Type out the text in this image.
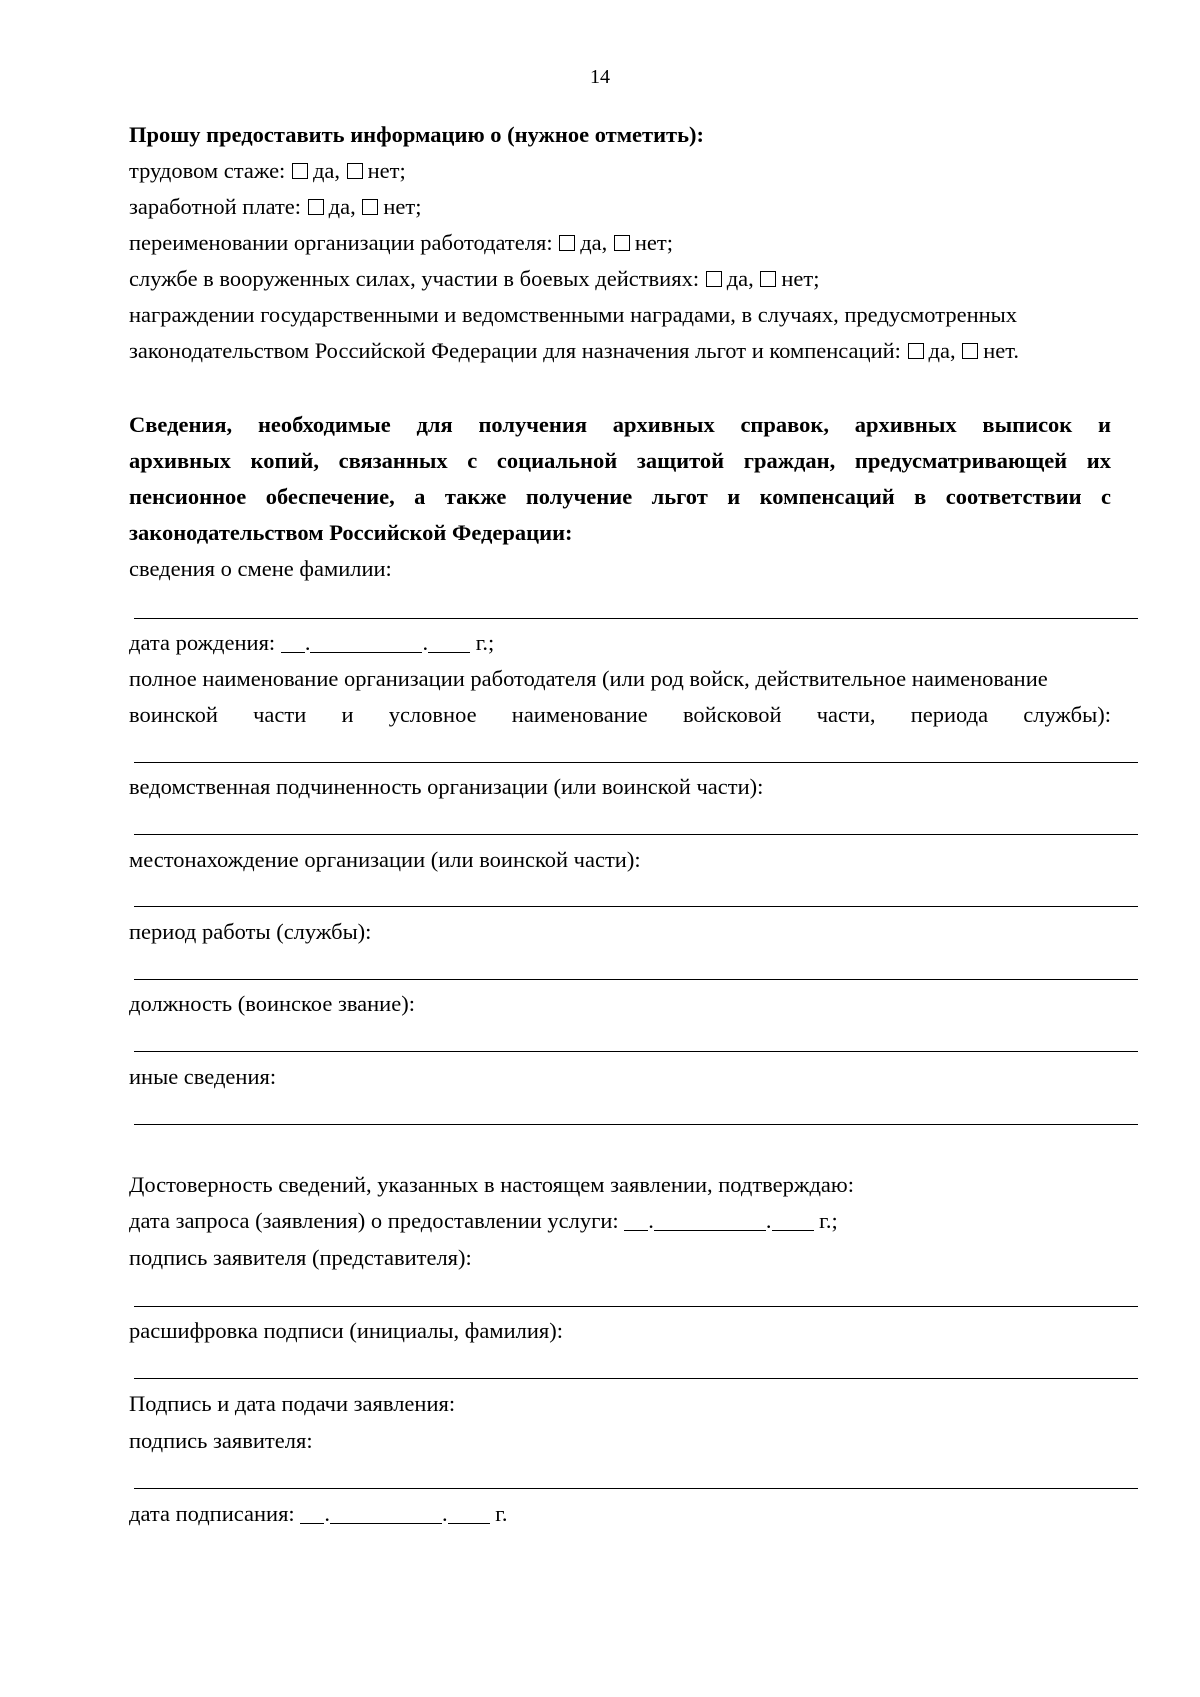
14
Прошу предоставить информацию о (нужное отметить):
трудовом стаже: да, нет;
заработной плате: да, нет;
переименовании организации работодателя: да, нет;
службе в вооруженных силах, участии в боевых действиях: да, нет;
награждении государственными и ведомственными наградами, в случаях, предусмотренных
законодательством Российской Федерации для назначения льгот и компенсаций: да, нет.
Сведения, необходимые для получения архивных справок, архивных выписок и
архивных копий, связанных с социальной защитой граждан, предусматривающей их
пенсионное обеспечение, а также получение льгот и компенсаций в соответствии с
законодательством Российской Федерации:
сведения о смене фамилии:
дата рождения: .	. г.;
полное наименование организации работодателя (или род войск, действительное наименование
воинской части и условное наименование войсковой части, периода службы):
ведомственная подчиненность организации (или воинской части):
местонахождение организации (или воинской части):
период работы (службы):
должность (воинское звание):
иные сведения:
Достоверность сведений, указанных в настоящем заявлении, подтверждаю:
дата запроса (заявления) о предоставлении услуги: .	. г.;
подпись заявителя (представителя):
расшифровка подписи (инициалы, фамилия):
Подпись и дата подачи заявления:
подпись заявителя:
дата подписания: .	. г.
